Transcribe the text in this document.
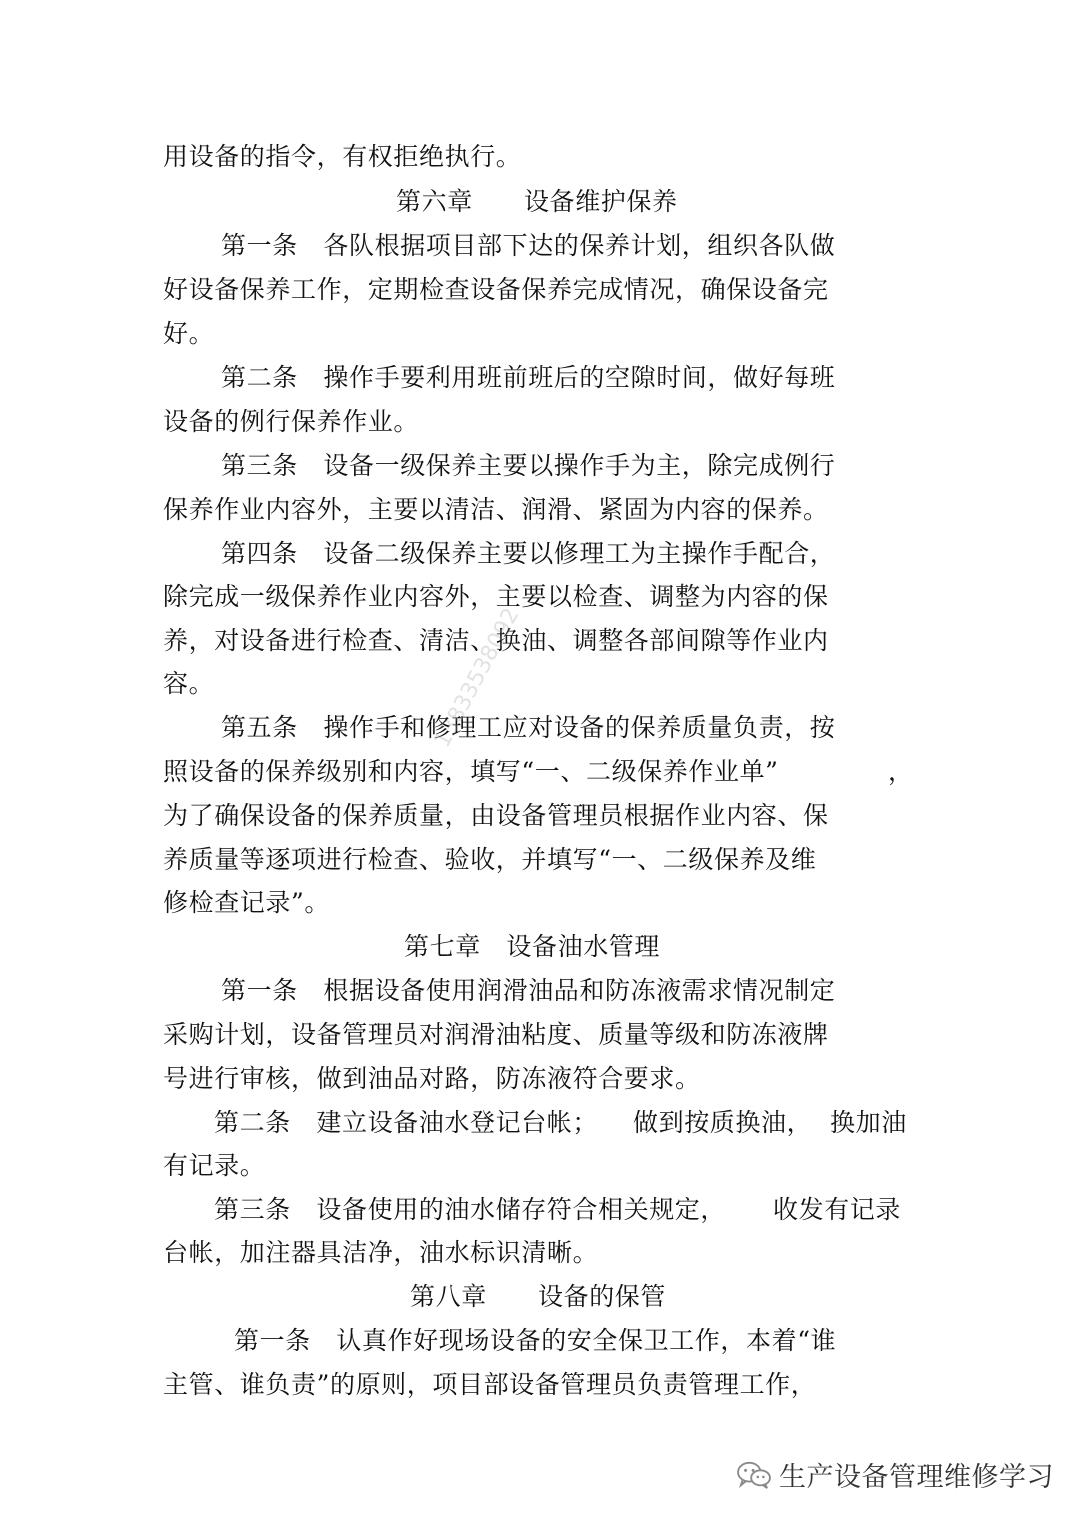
用设备的指令，有权拒绝执行。
第六章　　设备维护保养
第一条　各队根据项目部下达的保养计划，组织各队做
好设备保养工作，定期检查设备保养完成情况，确保设备完
好。
第二条　操作手要利用班前班后的空隙时间，做好每班
设备的例行保养作业。
第三条　设备一级保养主要以操作手为主，除完成例行
保养作业内容外，主要以清洁、润滑、紧固为内容的保养。
第四条　设备二级保养主要以修理工为主操作手配合，
除完成一级保养作业内容外，主要以检查、调整为内容的保
养，对设备进行检查、清洁、换油、调整各部间隙等作业内
容。
第五条　操作手和修理工应对设备的保养质量负责，按
照设备的保养级别和内容，填写“一、二级保养作业单”	，
为了确保设备的保养质量，由设备管理员根据作业内容、保
养质量等逐项进行检查、验收，并填写“一、二级保养及维
修检查记录”。
第七章　设备油水管理
第一条　根据设备使用润滑油品和防冻液需求情况制定
采购计划，设备管理员对润滑油粘度、质量等级和防冻液牌
号进行审核，做到油品对路，防冻液符合要求。
第二条　建立设备油水登记台帐； 做到按质换油， 换加油
有记录。
第三条　设备使用的油水储存符合相关规定， 收发有记录
台帐，加注器具洁净，油水标识清晰。
第八章　　设备的保管
第一条　认真作好现场设备的安全保卫工作，本着“谁
主管、谁负责”的原则，项目部设备管理员负责管理工作，
13833538092
生产设备管理维修学习
